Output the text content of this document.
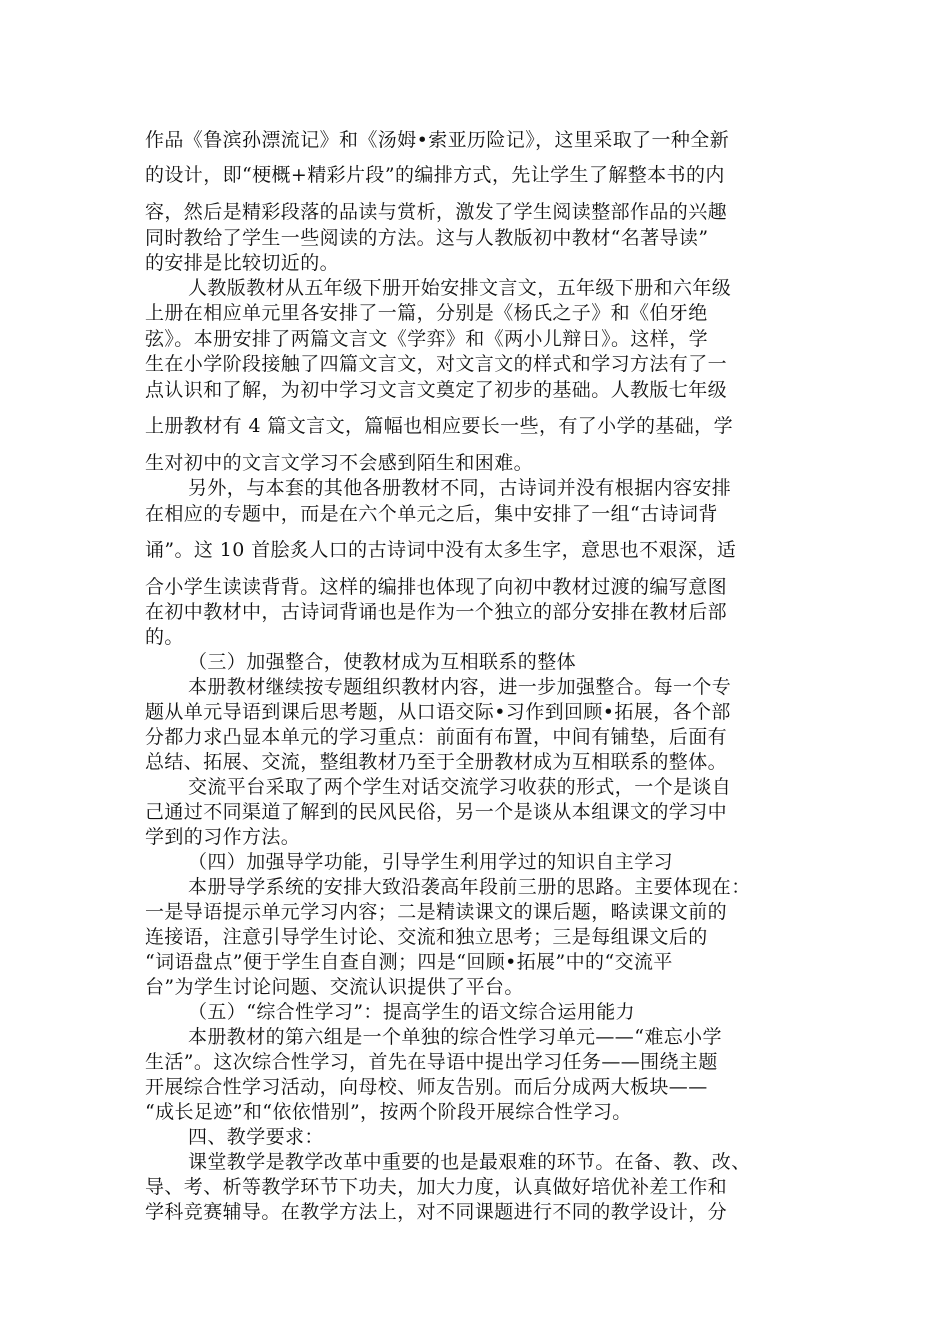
作品《鲁滨孙漂流记》和《汤姆•索亚历险记》，这里采取了一种全新
的设计，即“梗概+精彩片段”的编排方式，先让学生了解整本书的内
容，然后是精彩段落的品读与赏析，激发了学生阅读整部作品的兴趣
同时教给了学生一些阅读的方法。这与人教版初中教材“名著导读”
的安排是比较切近的。
人教版教材从五年级下册开始安排文言文，五年级下册和六年级
上册在相应单元里各安排了一篇，分别是《杨氏之子》和《伯牙绝
弦》。本册安排了两篇文言文《学弈》和《两小儿辩日》。这样，学
生在小学阶段接触了四篇文言文，对文言文的样式和学习方法有了一
点认识和了解，为初中学习文言文奠定了初步的基础。人教版七年级
上册教材有 4 篇文言文，篇幅也相应要长一些，有了小学的基础，学
生对初中的文言文学习不会感到陌生和困难。
另外，与本套的其他各册教材不同，古诗词并没有根据内容安排
在相应的专题中，而是在六个单元之后，集中安排了一组“古诗词背
诵”。这 10 首脍炙人口的古诗词中没有太多生字，意思也不艰深，适
合小学生读读背背。这样的编排也体现了向初中教材过渡的编写意图
在初中教材中，古诗词背诵也是作为一个独立的部分安排在教材后部
的。
（三）加强整合，使教材成为互相联系的整体
本册教材继续按专题组织教材内容，进一步加强整合。每一个专
题从单元导语到课后思考题，从口语交际•习作到回顾•拓展，各个部
分都力求凸显本单元的学习重点：前面有布置，中间有铺垫，后面有
总结、拓展、交流，整组教材乃至于全册教材成为互相联系的整体。
交流平台采取了两个学生对话交流学习收获的形式，一个是谈自
己通过不同渠道了解到的民风民俗，另一个是谈从本组课文的学习中
学到的习作方法。
（四）加强导学功能，引导学生利用学过的知识自主学习
本册导学系统的安排大致沿袭高年段前三册的思路。主要体现在：
一是导语提示单元学习内容；二是精读课文的课后题，略读课文前的
连接语，注意引导学生讨论、交流和独立思考；三是每组课文后的
“词语盘点”便于学生自查自测；四是“回顾•拓展”中的“交流平
台”为学生讨论问题、交流认识提供了平台。
（五）“综合性学习”：提高学生的语文综合运用能力
本册教材的第六组是一个单独的综合性学习单元——“难忘小学
生活”。这次综合性学习，首先在导语中提出学习任务——围绕主题
开展综合性学习活动，向母校、师友告别。而后分成两大板块——
“成长足迹”和“依依惜别”，按两个阶段开展综合性学习。
四、教学要求：
课堂教学是教学改革中重要的也是最艰难的环节。在备、教、改、
导、考、析等教学环节下功夫，加大力度，认真做好培优补差工作和
学科竞赛辅导。在教学方法上，对不同课题进行不同的教学设计，分
